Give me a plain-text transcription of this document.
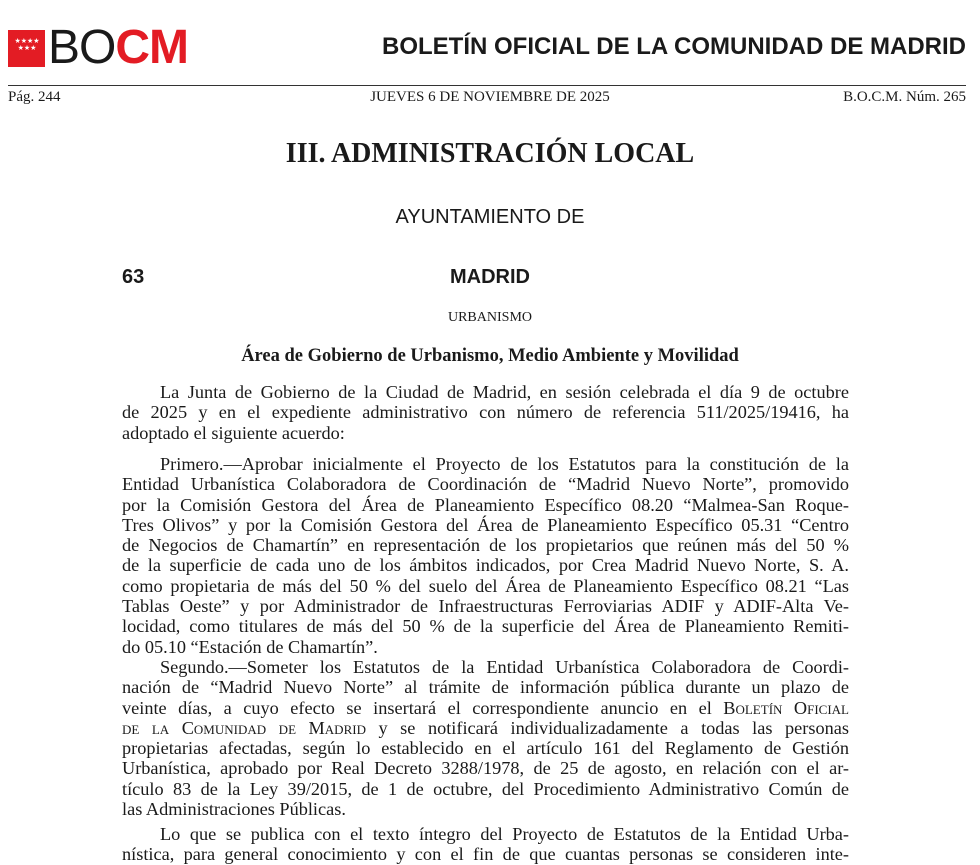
★★★★ ★★★ BOCM	BOLETÍN OFICIAL DE LA COMUNIDAD DE MADRID
Pág. 244	JUEVES 6 DE NOVIEMBRE DE 2025	B.O.C.M. Núm. 265
III. ADMINISTRACIÓN LOCAL
AYUNTAMIENTO DE
63	MADRID
URBANISMO
Área de Gobierno de Urbanismo, Medio Ambiente y Movilidad
La Junta de Gobierno de la Ciudad de Madrid, en sesión celebrada el día 9 de octubre
de 2025 y en el expediente administrativo con número de referencia 511/2025/19416, ha
adoptado el siguiente acuerdo:
Primero.—Aprobar inicialmente el Proyecto de los Estatutos para la constitución de la
Entidad Urbanística Colaboradora de Coordinación de “Madrid Nuevo Norte”, promovido
por la Comisión Gestora del Área de Planeamiento Específico 08.20 “Malmea-San Roque-
Tres Olivos” y por la Comisión Gestora del Área de Planeamiento Específico 05.31 “Centro
de Negocios de Chamartín” en representación de los propietarios que reúnen más del 50 %
de la superficie de cada uno de los ámbitos indicados, por Crea Madrid Nuevo Norte, S. A.
como propietaria de más del 50 % del suelo del Área de Planeamiento Específico 08.21 “Las
Tablas Oeste” y por Administrador de Infraestructuras Ferroviarias ADIF y ADIF-Alta Ve-
locidad, como titulares de más del 50 % de la superficie del Área de Planeamiento Remiti-
do 05.10 “Estación de Chamartín”.
Segundo.—Someter los Estatutos de la Entidad Urbanística Colaboradora de Coordi-
nación de “Madrid Nuevo Norte” al trámite de información pública durante un plazo de
veinte días, a cuyo efecto se insertará el correspondiente anuncio en el Boletín Oficial
de la Comunidad de Madrid y se notificará individualizadamente a todas las personas
propietarias afectadas, según lo establecido en el artículo 161 del Reglamento de Gestión
Urbanística, aprobado por Real Decreto 3288/1978, de 25 de agosto, en relación con el ar-
tículo 83 de la Ley 39/2015, de 1 de octubre, del Procedimiento Administrativo Común de
las Administraciones Públicas.
Lo que se publica con el texto íntegro del Proyecto de Estatutos de la Entidad Urba-
nística, para general conocimiento y con el fin de que cuantas personas se consideren inte-
